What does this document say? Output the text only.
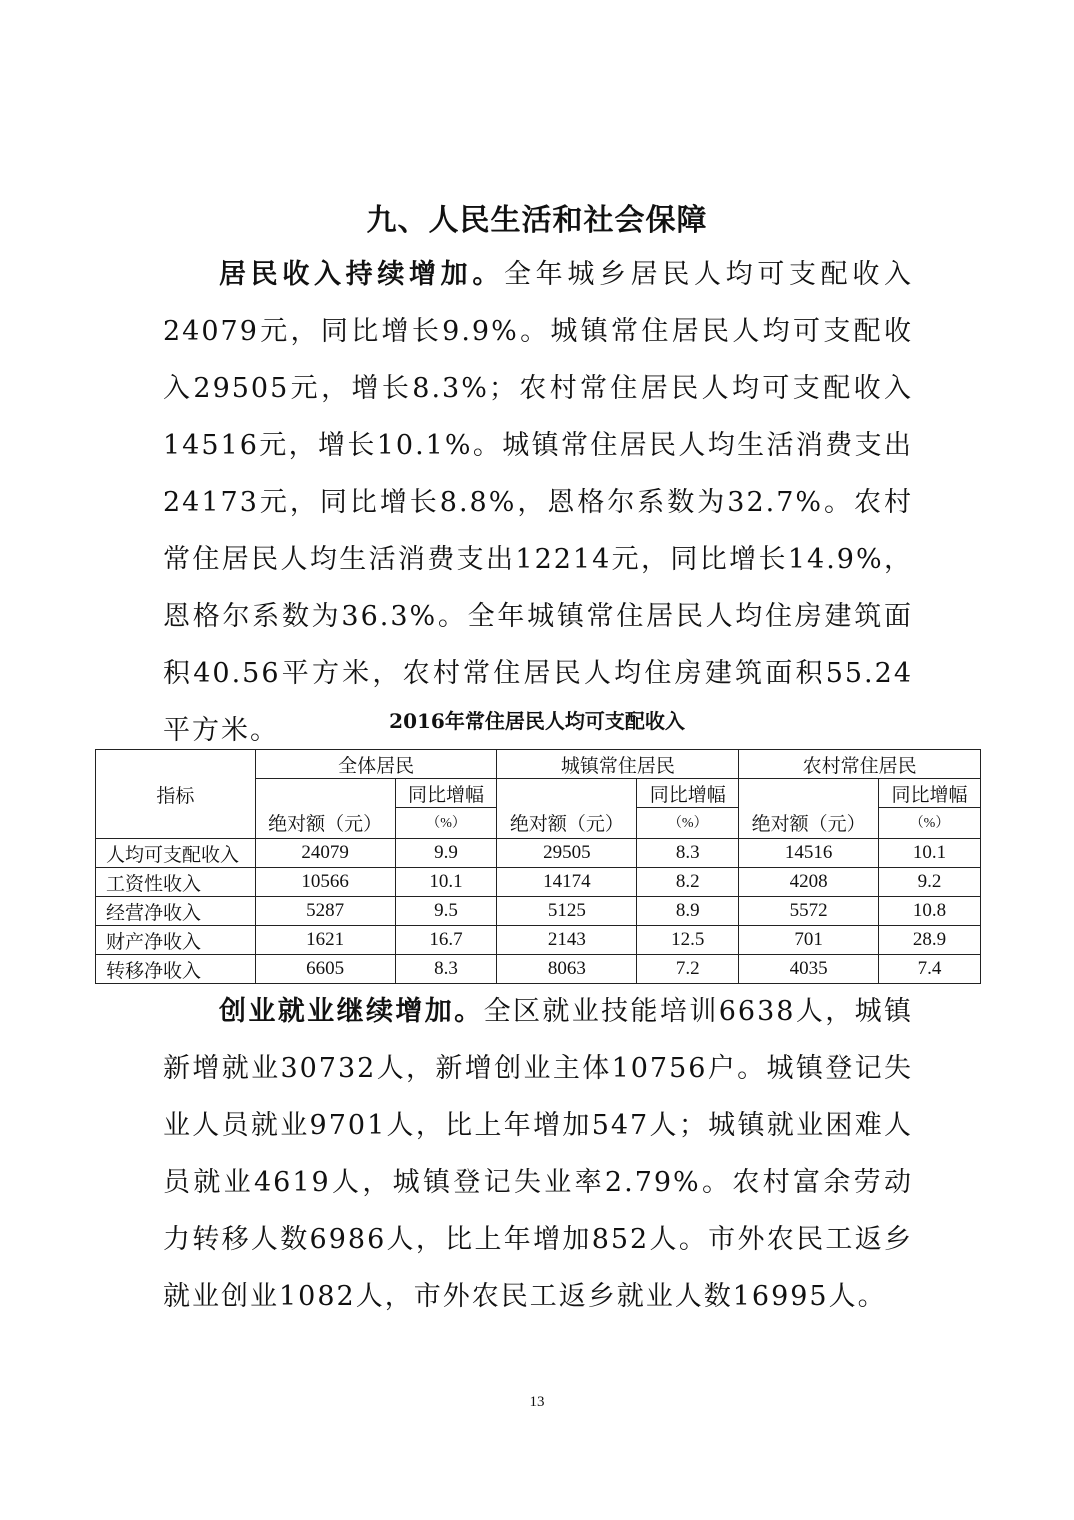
九、人民生活和社会保障

居民收入持续增加。全年城乡居民人均可支配收入24079元，同比增长9.9%。城镇常住居民人均可支配收入29505元，增长8.3%；农村常住居民人均可支配收入14516元，增长10.1%。城镇常住居民人均生活消费支出24173元，同比增长8.8%，恩格尔系数为32.7%。农村常住居民人均生活消费支出12214元，同比增长14.9%，恩格尔系数为36.3%。全年城镇常住居民人均住房建筑面积40.56平方米，农村常住居民人均住房建筑面积55.24平方米。	2016年常住居民人均可支配收入
指标	全体居民		城镇常住居民		农村常住居民	
	绝对额（元）	同比增幅	绝对额（元）	同比增幅	绝对额（元）	同比增幅
		（%）		（%）		（%）
人均可支配收入	24079	9.9	29505	8.3	14516	10.1
工资性收入	10566	10.1	14174	8.2	4208	9.2
经营净收入	5287	9.5	5125	8.9	5572	10.8
财产净收入	1621	16.7	2143	12.5	701	28.9
转移净收入	6605	8.3	8063	7.2	4035	7.4

创业就业继续增加。全区就业技能培训6638人，城镇新增就业30732人，新增创业主体10756户。城镇登记失业人员就业9701人，比上年增加547人；城镇就业困难人员就业4619人，城镇登记失业率2.79%。农村富余劳动力转移人数6986人，比上年增加852人。市外农民工返乡就业创业1082人，市外农民工返乡就业人数16995人。

13
